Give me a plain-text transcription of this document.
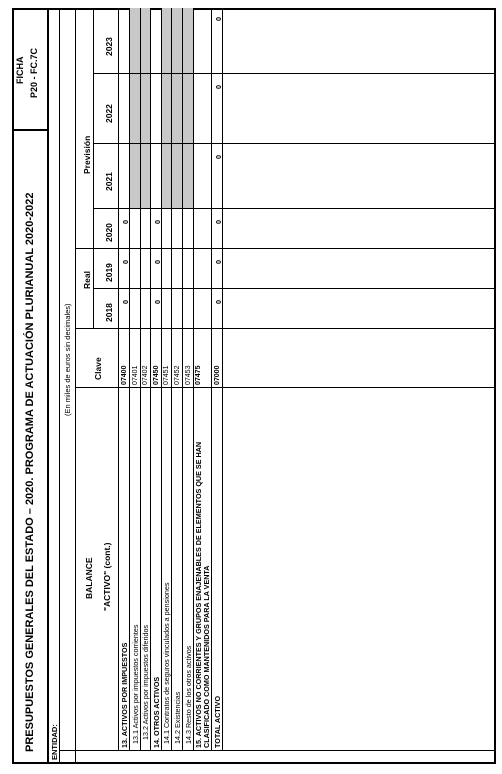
PRESUPUESTOS GENERALES DEL ESTADO – 2020. PROGRAMA DE ACTUACIÓN PLURIANUAL 2020-2022
FICHA P20 - FC.7C
ENTIDAD:
(En miles de euros sin decimales)
BALANCE "ACTIVO" (cont.)
Clave
Real
Previsión
2018
2019
2020
2021
2022
2023
13. ACTIVOS POR IMPUESTOS 13.1 Activos por impuestos corrientes 13.2 Activos por impuestos diferidos 14. OTROS ACTIVOS 14.1 Contratos de seguros vinculados a pensiones 14.2 Existencias 14.3 Resto de los otros activos 15. ACTIVOS NO CORRIENTES Y GRUPOS ENAJENABLES DE ELEMENTOS QUE SE HAN CLASIFICADO COMO MANTENIDOS PARA LA VENTA TOTAL ACTIVO
07400 07401 07402 07450 07451 07452 07453 07475 07000
0
0
0
0
0
0
0
0
0
0
0
0
